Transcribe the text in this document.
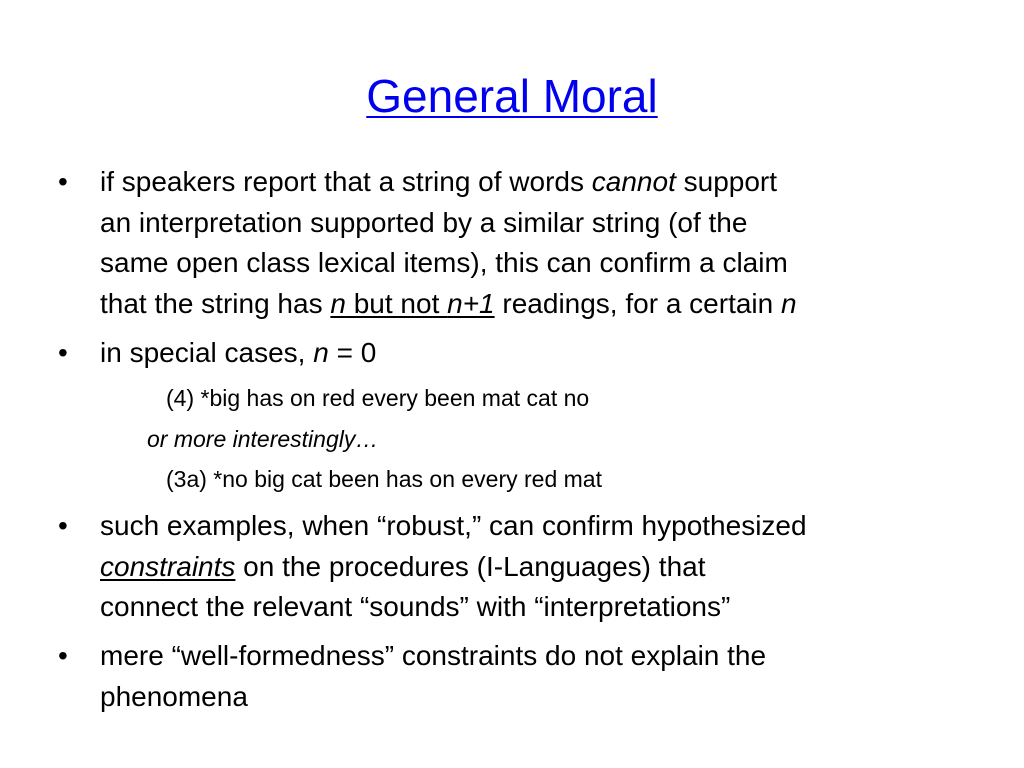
General Moral
• if speakers report that a string of words cannot support
an interpretation supported by a similar string (of the
same open class lexical items), this can confirm a claim
that the string has n but not n+1 readings, for a certain n
• in special cases, n = 0
(4) *big has on red every been mat cat no
or more interestingly…
(3a) *no big cat been has on every red mat
• such examples, when “robust,” can confirm hypothesized
constraints on the procedures (I-Languages) that
connect the relevant “sounds” with “interpretations”
• mere “well-formedness” constraints do not explain the
phenomena
